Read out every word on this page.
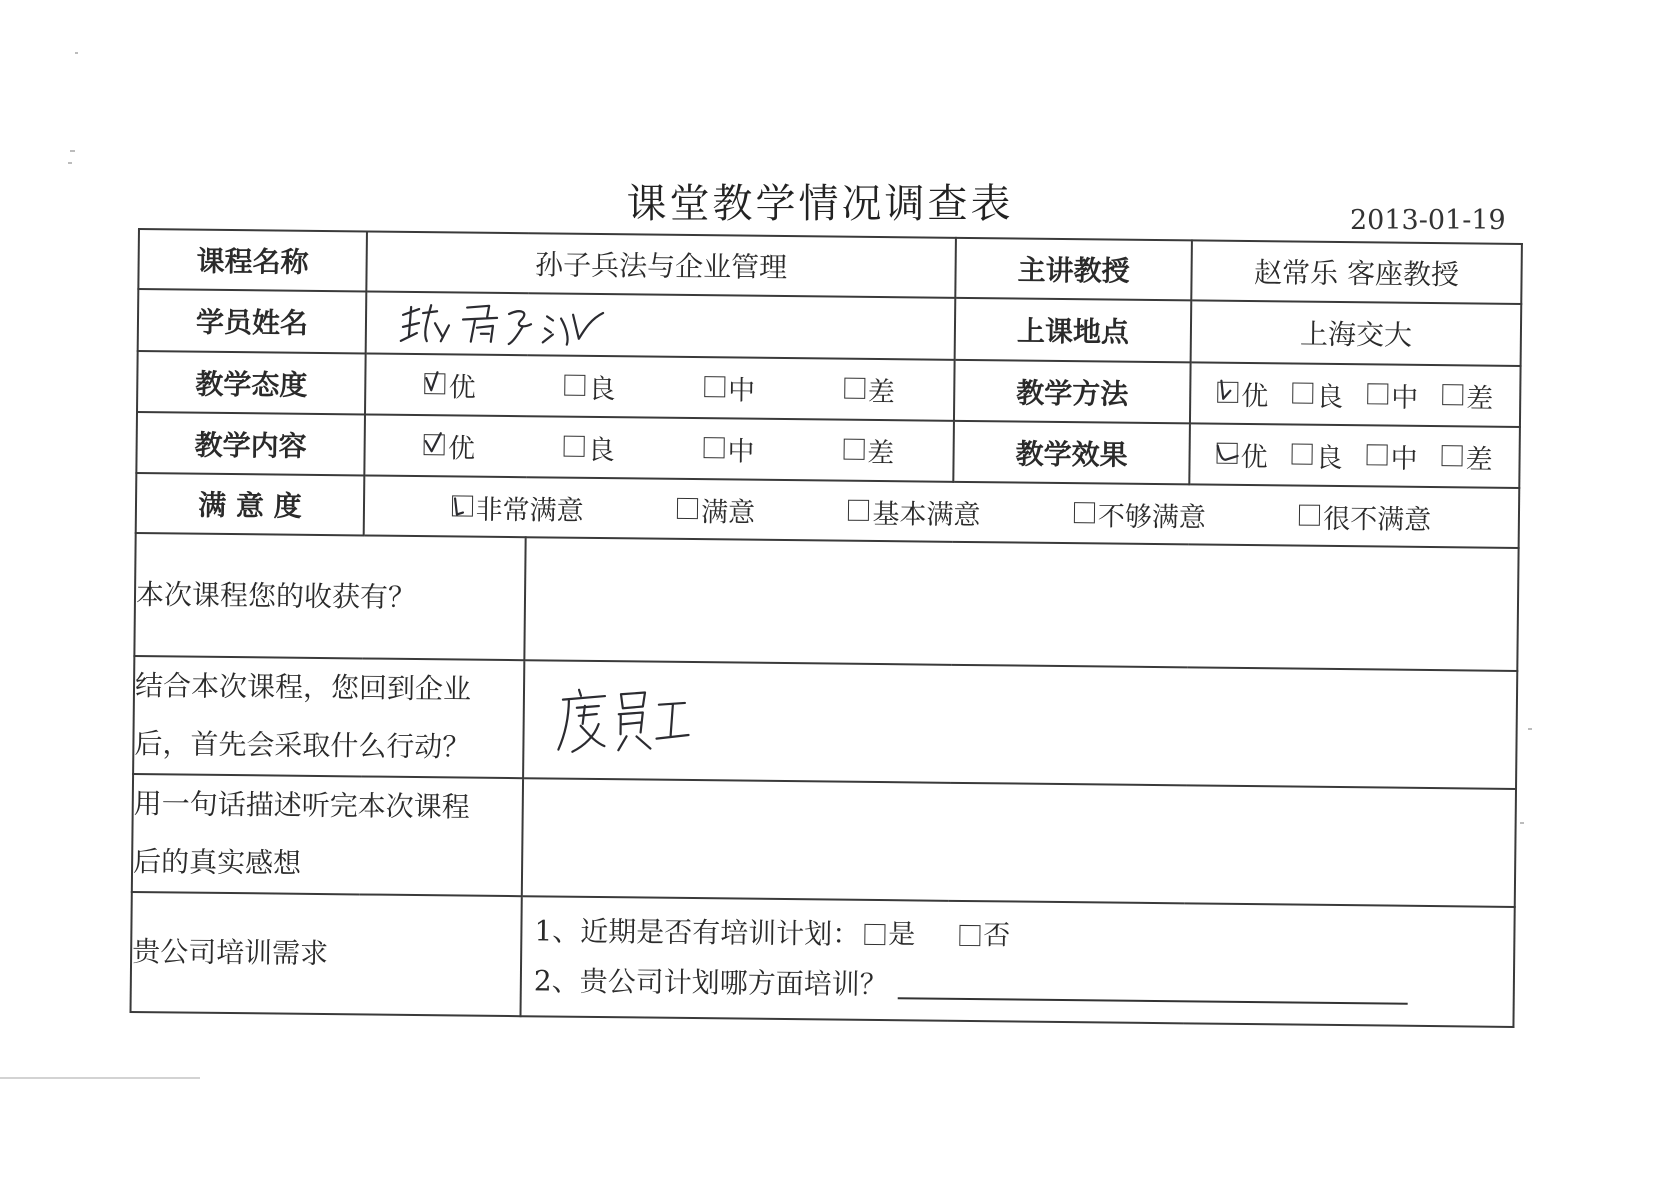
课堂教学情况调查表	2013-01-19
课程名称	孙子兵法与企业管理		主讲教授	赵常乐 客座教授
学员姓名			上课地点	上海交大
教学态度	优 良 中 差		教学方法	优 良 中 差

教学内容	优 良 中 差		教学效果	优 良 中 差

满 意 度	非常满意 满意 基本满意 不够满意 很不满意			

本次课程您的收获有？				

结合本次课程，您回到企业
后，首先会采取什么行动？

用一句话描述听完本次课程
后的真实感想				

贵公司培训需求		1、近期是否有培训计划： 是 否
2、贵公司计划哪方面培训？		
